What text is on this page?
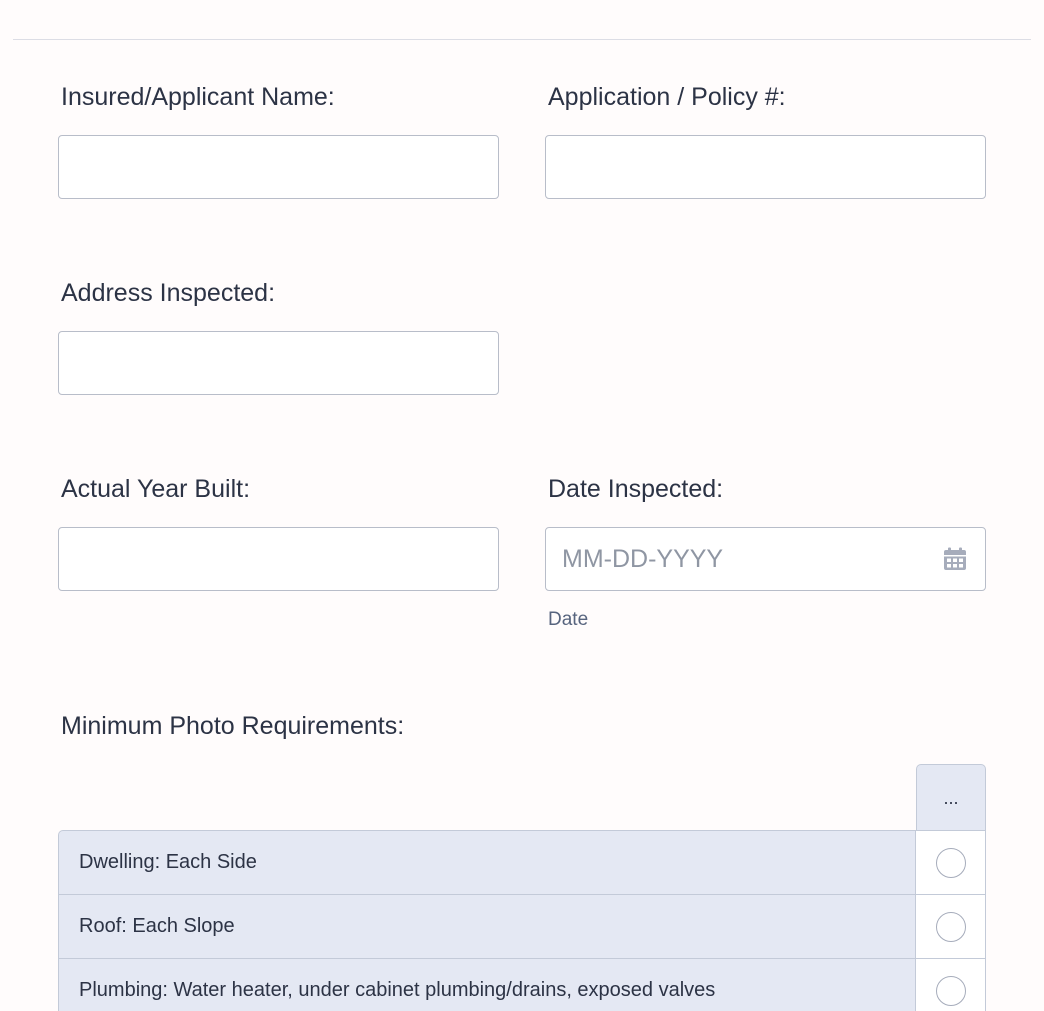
Insured/Applicant Name:	Application / Policy #:
Address Inspected:
Actual Year Built:	Date Inspected:
MM-DD-YYYY
Date
Minimum Photo Requirements:
...
Dwelling: Each Side
Roof: Each Slope
Plumbing: Water heater, under cabinet plumbing/drains, exposed valves
